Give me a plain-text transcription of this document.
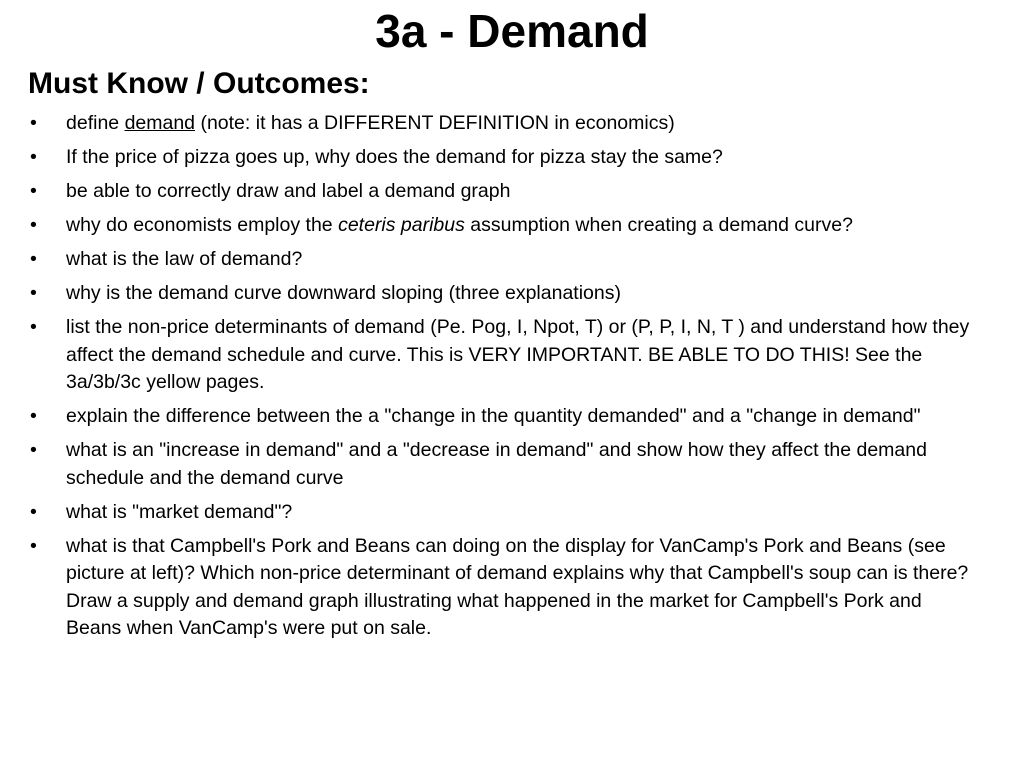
3a - Demand
Must Know / Outcomes:
• define demand (note: it has a DIFFERENT DEFINITION in economics)
• If the price of pizza goes up, why does the demand for pizza stay the same?
• be able to correctly draw and label a demand graph
• why do economists employ the ceteris paribus assumption when creating a demand curve?
• what is the law of demand?
• why is the demand curve downward sloping (three explanations)
• list the non-price determinants of demand (Pe. Pog, I, Npot, T) or (P, P, I, N, T ) and understand how they affect the demand schedule and curve. This is VERY IMPORTANT. BE ABLE TO DO THIS! See the 3a/3b/3c yellow pages.
• explain the difference between the a "change in the quantity demanded" and a "change in demand"
• what is an "increase in demand" and a "decrease in demand" and show how they affect the demand schedule and the demand curve
• what is "market demand"?
• what is that Campbell's Pork and Beans can doing on the display for VanCamp's Pork and Beans (see picture at left)? Which non-price determinant of demand explains why that Campbell's soup can is there? Draw a supply and demand graph illustrating what happened in the market for Campbell's Pork and Beans when VanCamp's were put on sale.
